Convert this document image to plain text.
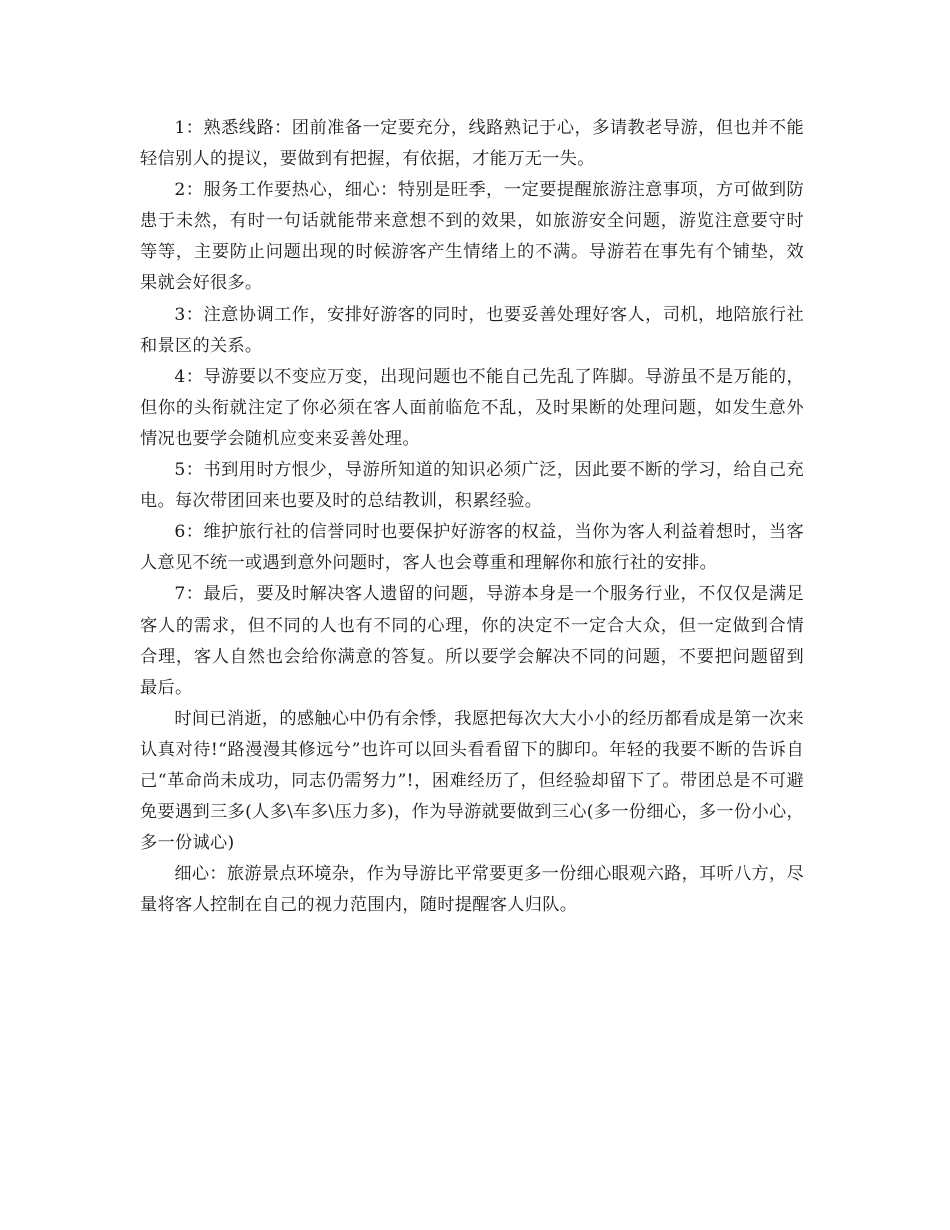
1：熟悉线路：团前准备一定要充分，线路熟记于心，多请教老导游，但也并不能轻信别人的提议，要做到有把握，有依据，才能万无一失。

2：服务工作要热心，细心：特别是旺季，一定要提醒旅游注意事项，方可做到防患于未然，有时一句话就能带来意想不到的效果，如旅游安全问题，游览注意要守时等等，主要防止问题出现的时候游客产生情绪上的不满。导游若在事先有个铺垫，效果就会好很多。

3：注意协调工作，安排好游客的同时，也要妥善处理好客人，司机，地陪旅行社和景区的关系。

4：导游要以不变应万变，出现问题也不能自己先乱了阵脚。导游虽不是万能的，但你的头衔就注定了你必须在客人面前临危不乱，及时果断的处理问题，如发生意外情况也要学会随机应变来妥善处理。

5：书到用时方恨少，导游所知道的知识必须广泛，因此要不断的学习，给自己充电。每次带团回来也要及时的总结教训，积累经验。

6：维护旅行社的信誉同时也要保护好游客的权益，当你为客人利益着想时，当客人意见不统一或遇到意外问题时，客人也会尊重和理解你和旅行社的安排。

7：最后，要及时解决客人遗留的问题，导游本身是一个服务行业，不仅仅是满足客人的需求，但不同的人也有不同的心理，你的决定不一定合大众，但一定做到合情合理，客人自然也会给你满意的答复。所以要学会解决不同的问题，不要把问题留到最后。

时间已消逝，的感触心中仍有余悸，我愿把每次大大小小的经历都看成是第一次来认真对待!“路漫漫其修远兮”也许可以回头看看留下的脚印。年轻的我要不断的告诉自己“革命尚未成功，同志仍需努力”!，困难经历了，但经验却留下了。带团总是不可避免要遇到三多(人多\车多\压力多)，作为导游就要做到三心(多一份细心，多一份小心，多一份诚心)

细心：旅游景点环境杂，作为导游比平常要更多一份细心眼观六路，耳听八方，尽量将客人控制在自己的视力范围内，随时提醒客人归队。
